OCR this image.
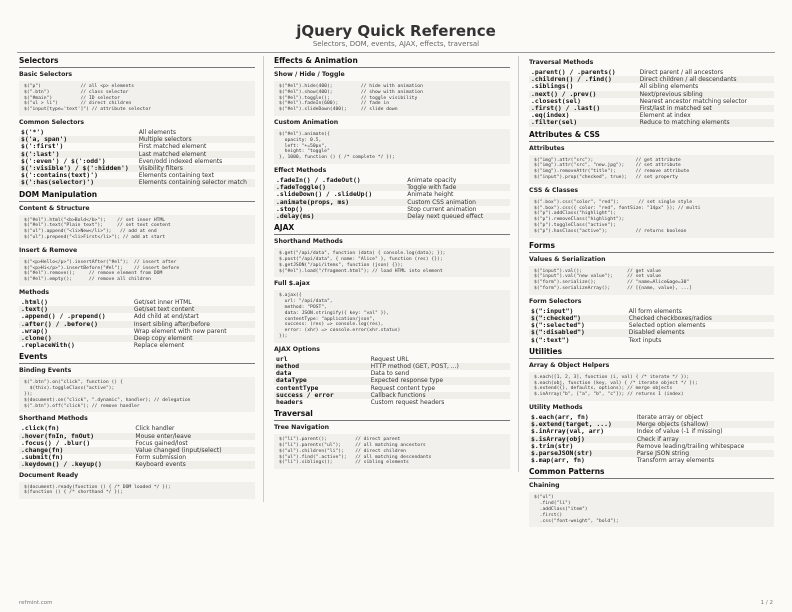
jQuery Quick Reference
Selectors, DOM, events, AJAX, effects, traversal
Selectors
Basic Selectors
$("p")              // all <p> elements
$(".btn")           // class selector
$("#main")          // ID selector
$("ul > li")        // direct children
$("input[type='text']") // attribute selector
Common Selectors
$('*')	All elements
$('a, span')	Multiple selectors
$(':first')	First matched element
$(':last')	Last matched element
$(':even') / $(':odd')	Even/odd indexed elements
$(':visible') / $(':hidden')	Visibility filters
$(':contains(text)')	Elements containing text
$(':has(selector)')	Elements containing selector match
DOM Manipulation
Content & Structure
$("#el").html("<b>Bold</b>");    // set inner HTML
$("#el").text("Plain text");     // set text content
$("ul").append("<li>New</li>");   // add at end
$("ul").prepend("<li>First</li>"); // add at start
Insert & Remove
$("<p>Hello</p>").insertAfter("#el");  // insert after
$("<p>Hi</p>").insertBefore("#el");    // insert before
$("#el").remove();     // remove element from DOM
$("#el").empty();      // remove all children
Methods
.html()	Get/set inner HTML
.text()	Get/set text content
.append() / .prepend()	Add child at end/start
.after() / .before()	Insert sibling after/before
.wrap()	Wrap element with new parent
.clone()	Deep copy element
.replaceWith()	Replace element
Events
Binding Events
$(".btn").on("click", function () {
$(this).toggleClass("active");
});
$(document).on("click", ".dynamic", handler); // delegation
$(".btn").off("click"); // remove handler
Shorthand Methods
.click(fn)	Click handler
.hover(fnIn, fnOut)	Mouse enter/leave
.focus() / .blur()	Focus gained/lost
.change(fn)	Value changed (input/select)
.submit(fn)	Form submission
.keydown() / .keyup()	Keyboard events
Document Ready
$(document).ready(function () { /* DOM loaded */ });
$(function () { /* shorthand */ });
Effects & Animation
Show / Hide / Toggle
$("#el").hide(400);          // hide with animation
$("#el").show(400);          // show with animation
$("#el").toggle();           // toggle visibility
$("#el").fadeIn(600);        // fade in
$("#el").slideDown(400);     // slide down
Custom Animation
$("#el").animate({
opacity: 0.5,
left: "+=50px",
height: "toggle"
}, 1000, function () { /* complete */ });
Effect Methods
.fadeIn() / .fadeOut()	Animate opacity
.fadeToggle()	Toggle with fade
.slideDown() / .slideUp()	Animate height
.animate(props, ms)	Custom CSS animation
.stop()	Stop current animation
.delay(ms)	Delay next queued effect
AJAX
Shorthand Methods
$.get("/api/data", function (data) { console.log(data); });
$.post("/api/data", { name: "Alice" }, function (res) {});
$.getJSON("/api/items", function (json) {});
$("#el").load("/fragment.html"); // load HTML into element
Full $.ajax
$.ajax({
url: "/api/data",
method: "POST",
data: JSON.stringify({ key: "val" }),
contentType: "application/json",
success: (res) => console.log(res),
error: (xhr) => console.error(xhr.status)
});
AJAX Options
url	Request URL
method	HTTP method (GET, POST, ...)
data	Data to send
dataType	Expected response type
contentType	Request content type
success / error	Callback functions
headers	Custom request headers
Traversal
Tree Navigation
$("li").parent();          // direct parent
$("li").parents("ul");     // all matching ancestors
$("ul").children("li");    // direct children
$("ul").find(".active");   // all matching descendants
$("li").siblings();        // sibling elements
Traversal Methods
.parent() / .parents()	Direct parent / all ancestors
.children() / .find()	Direct children / all descendants
.siblings()	All sibling elements
.next() / .prev()	Next/previous sibling
.closest(sel)	Nearest ancestor matching selector
.first() / .last()	First/last in matched set
.eq(index)	Element at index
.filter(sel)	Reduce to matching elements
Attributes & CSS
Attributes
$("img").attr("src");               // get attribute
$("img").attr("src", "new.jpg");    // set attribute
$("img").removeAttr("title");       // remove attribute
$("input").prop("checked", true);   // set property
CSS & Classes
$(".box").css("color", "red");       // set single style
$(".box").css({ color: "red", fontSize: "14px" }); // multi
$("p").addClass("highlight");
$("p").removeClass("highlight");
$("p").toggleClass("active");
$("p").hasClass("active");          // returns boolean
Forms
Values & Serialization
$("input").val();                // get value
$("input").val("new value");     // set value
$("form").serialize();           // "name=Alice&age=30"
$("form").serializeArray();      // [{name, value}, ...]
Form Selectors
$(":input")	All form elements
$(":checked")	Checked checkboxes/radios
$(":selected")	Selected option elements
$(":disabled")	Disabled elements
$(":text")	Text inputs
Utilities
Array & Object Helpers
$.each([1, 2, 3], function (i, val) { /* iterate */ });
$.each(obj, function (key, val) { /* iterate object */ });
$.extend({}, defaults, options); // merge objects
$.inArray("b", ["a", "b", "c"]); // returns 1 (index)
Utility Methods
$.each(arr, fn)	Iterate array or object
$.extend(target, ...)	Merge objects (shallow)
$.inArray(val, arr)	Index of value (-1 if missing)
$.isArray(obj)	Check if array
$.trim(str)	Remove leading/trailing whitespace
$.parseJSON(str)	Parse JSON string
$.map(arr, fn)	Transform array elements
Common Patterns
Chaining
$("ul")
.find("li")
.addClass("item")
.first()
.css("font-weight", "bold");
refmint.com	1 / 2
